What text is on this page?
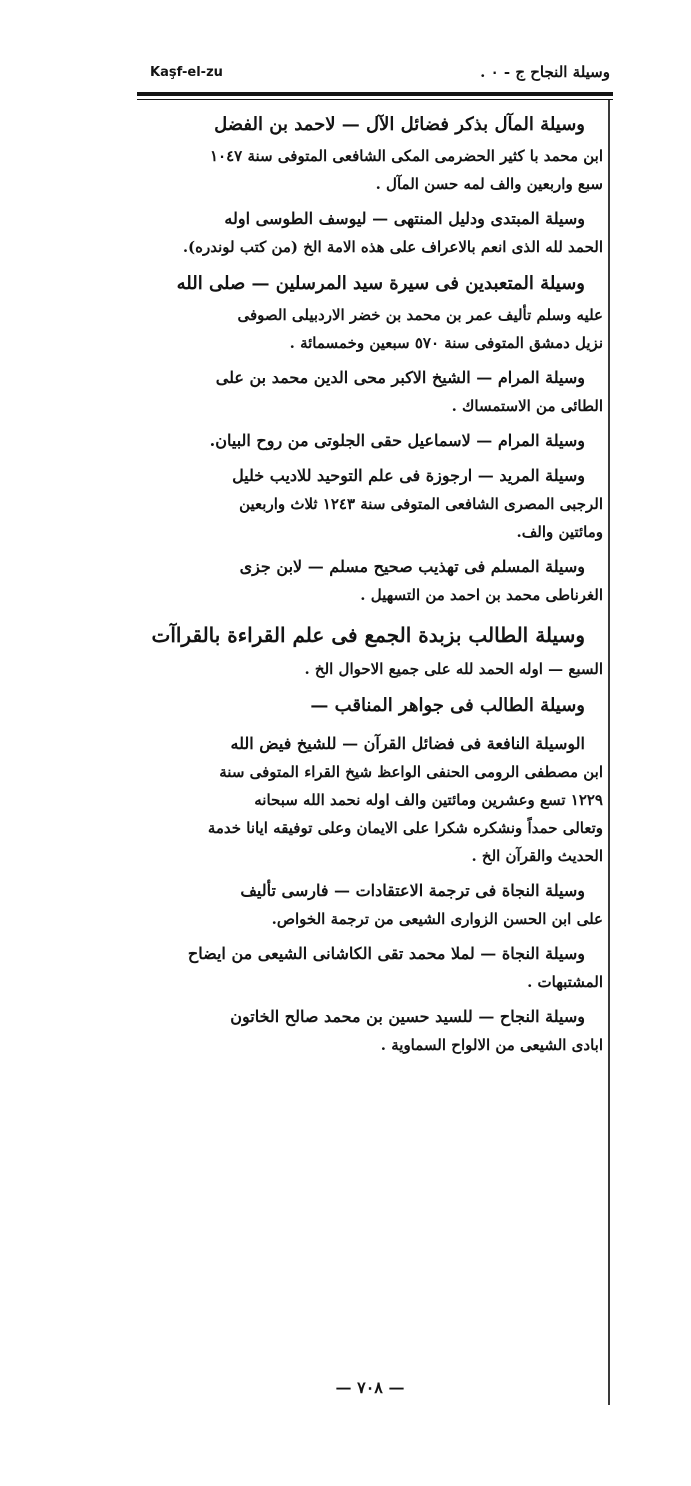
Kaşf-el-zu	وسيلة النجاح ج - ٠ .
وسيلة المآل بذكر فضائل الآل — لاحمد بن الفضل
ابن محمد با كثير الحضرمى المكى الشافعى المتوفى سنة ١٠٤٧
سبع واربعين والف لمه حسن المآل .
وسيلة المبتدى ودليل المنتهى — ليوسف الطوسى اوله
الحمد لله الذى انعم بالاعراف على هذه الامة الخ (من كتب لوندره).
وسيلة المتعبدين فى سيرة سيد المرسلين — صلى الله
عليه وسلم تأليف عمر بن محمد بن خضر الاردبيلى الصوفى
نزيل دمشق المتوفى سنة ٥٧٠ سبعين وخمسمائة .
وسيلة المرام — الشيخ الاكبر محى الدين محمد بن على
الطائى من الاستمساك .
وسيلة المرام — لاسماعيل حقى الجلوتى من روح البيان.
وسيلة المريد — ارجوزة فى علم التوحيد للاديب خليل
الرجبى المصرى الشافعى المتوفى سنة ١٢٤٣ ثلاث واربعين
ومائتين والف.
وسيلة المسلم فى تهذيب صحيح مسلم — لابن جزى
الغرناطى محمد بن احمد من التسهيل .
وسيلة الطالب بزبدة الجمع فى علم القراءة بالقراآت
السبع — اوله الحمد لله على جميع الاحوال الخ .
وسيلة الطالب فى جواهر المناقب —
الوسيلة النافعة فى فضائل القرآن — للشيخ فيض الله
ابن مصطفى الرومى الحنفى الواعظ شيخ القراء المتوفى سنة
١٢٢٩ تسع وعشرين ومائتين والف اوله نحمد الله سبحانه
وتعالى حمداً ونشكره شكرا على الايمان وعلى توفيقه ايانا خدمة
الحديث والقرآن الخ .
وسيلة النجاة فى ترجمة الاعتقادات — فارسى تأليف
على ابن الحسن الزوارى الشيعى من ترجمة الخواص.
وسيلة النجاة — لملا محمد تقى الكاشانى الشيعى من ايضاح
المشتبهات .
وسيلة النجاح — للسيد حسين بن محمد صالح الخاتون
ابادى الشيعى من الالواح السماوية .
— ٧٠٨ —
